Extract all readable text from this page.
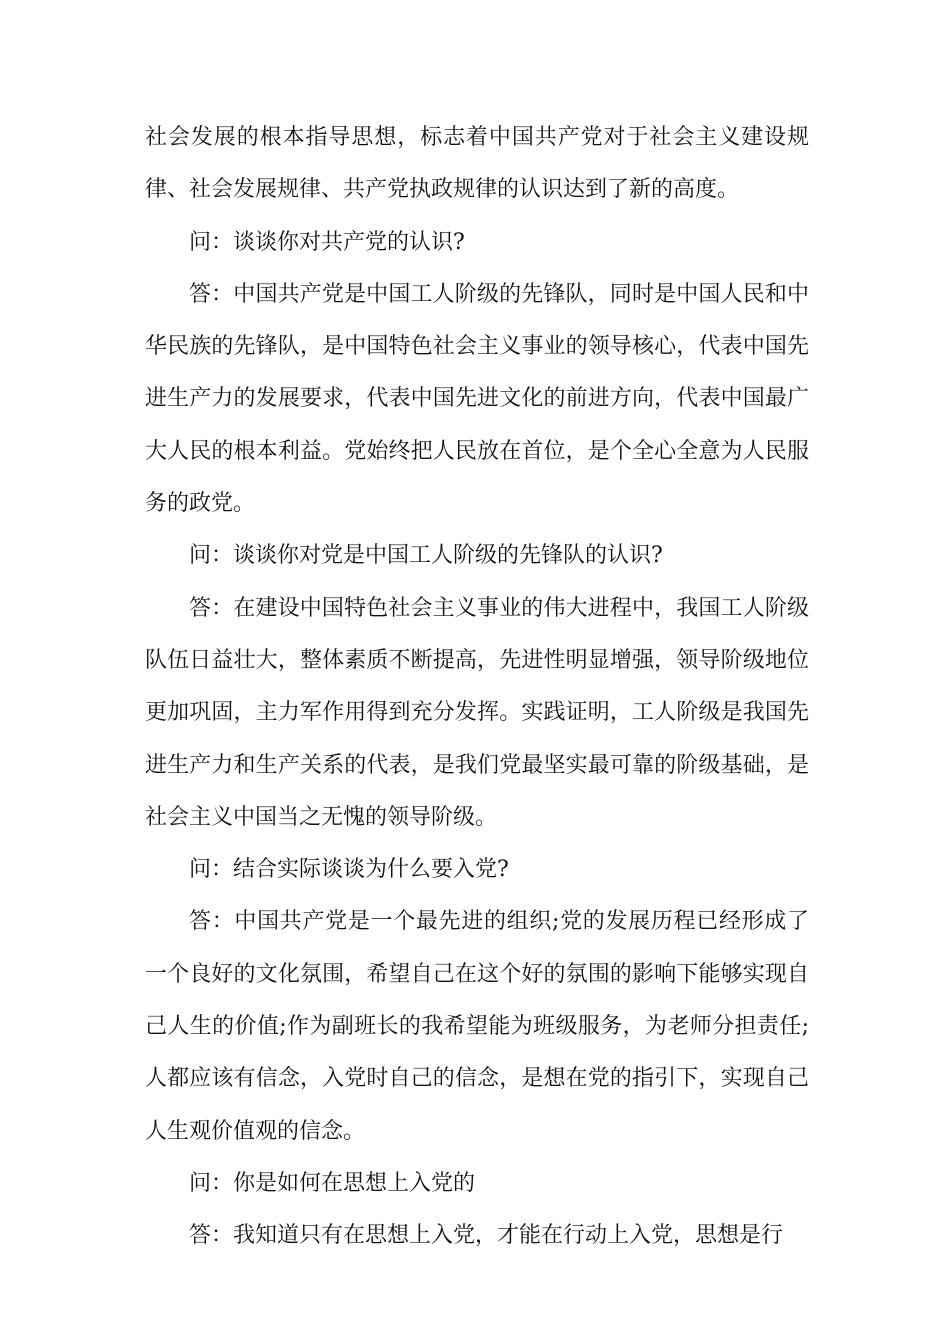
社会发展的根本指导思想，标志着中国共产党对于社会主义建设规律、社会发展规律、共产党执政规律的认识达到了新的高度。

问：谈谈你对共产党的认识?

答：中国共产党是中国工人阶级的先锋队，同时是中国人民和中华民族的先锋队，是中国特色社会主义事业的领导核心，代表中国先进生产力的发展要求，代表中国先进文化的前进方向，代表中国最广大人民的根本利益。党始终把人民放在首位，是个全心全意为人民服务的政党。

问：谈谈你对党是中国工人阶级的先锋队的认识?

答：在建设中国特色社会主义事业的伟大进程中，我国工人阶级队伍日益壮大，整体素质不断提高，先进性明显增强，领导阶级地位更加巩固，主力军作用得到充分发挥。实践证明，工人阶级是我国先进生产力和生产关系的代表，是我们党最坚实最可靠的阶级基础，是社会主义中国当之无愧的领导阶级。

问：结合实际谈谈为什么要入党?

答：中国共产党是一个最先进的组织;党的发展历程已经形成了一个良好的文化氛围，希望自己在这个好的氛围的影响下能够实现自己人生的价值;作为副班长的我希望能为班级服务，为老师分担责任;人都应该有信念，入党时自己的信念，是想在党的指引下，实现自己人生观价值观的信念。

问：你是如何在思想上入党的

答：我知道只有在思想上入党，才能在行动上入党，思想是行
